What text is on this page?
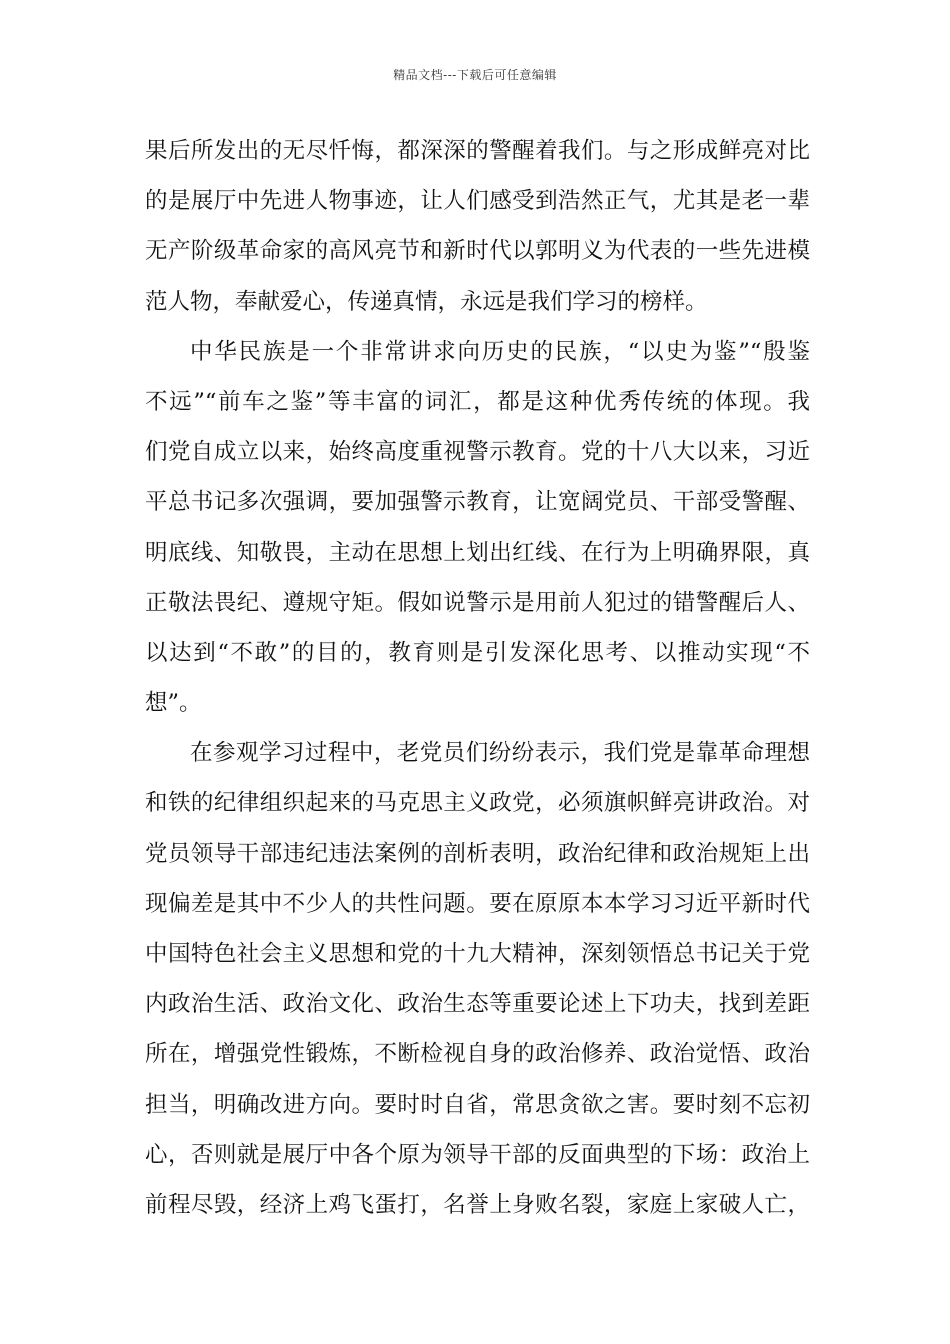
精品文档---下载后可任意编辑
果后所发出的无尽忏悔，都深深的警醒着我们。与之形成鲜亮对比
的是展厅中先进人物事迹，让人们感受到浩然正气，尤其是老一辈
无产阶级革命家的高风亮节和新时代以郭明义为代表的一些先进模
范人物，奉献爱心，传递真情，永远是我们学习的榜样。
中华民族是一个非常讲求向历史的民族，“以史为鉴”“殷鉴
不远”“前车之鉴”等丰富的词汇，都是这种优秀传统的体现。我
们党自成立以来，始终高度重视警示教育。党的十八大以来，习近
平总书记多次强调，要加强警示教育，让宽阔党员、干部受警醒、
明底线、知敬畏，主动在思想上划出红线、在行为上明确界限，真
正敬法畏纪、遵规守矩。假如说警示是用前人犯过的错警醒后人、
以达到“不敢”的目的，教育则是引发深化思考、以推动实现“不
想”。
在参观学习过程中，老党员们纷纷表示，我们党是靠革命理想
和铁的纪律组织起来的马克思主义政党，必须旗帜鲜亮讲政治。对
党员领导干部违纪违法案例的剖析表明，政治纪律和政治规矩上出
现偏差是其中不少人的共性问题。要在原原本本学习习近平新时代
中国特色社会主义思想和党的十九大精神，深刻领悟总书记关于党
内政治生活、政治文化、政治生态等重要论述上下功夫，找到差距
所在，增强党性锻炼，不断检视自身的政治修养、政治觉悟、政治
担当，明确改进方向。要时时自省，常思贪欲之害。要时刻不忘初
心，否则就是展厅中各个原为领导干部的反面典型的下场：政治上
前程尽毁，经济上鸡飞蛋打，名誉上身败名裂，家庭上家破人亡，
